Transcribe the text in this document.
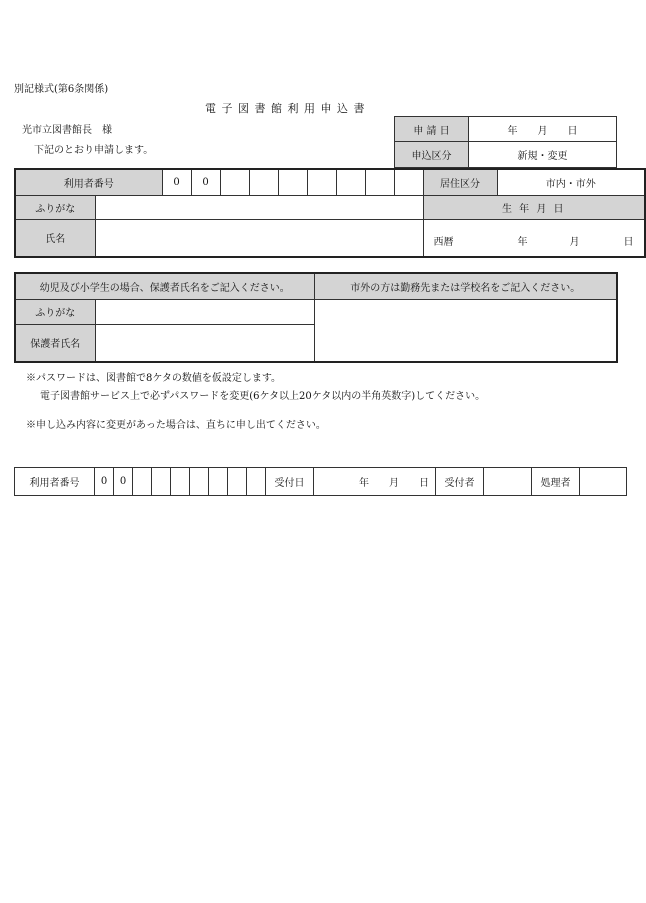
別記様式(第6条関係)
電 子 図 書 館 利 用 申 込 書
光市立図書館長　様
下記のとおり申請します。
申 請 日	年　　月　　日
申込区分	新規・変更
利用者番号		0	0								居住区分	市内・市外
ふりがな											生 年 月 日	
氏名											西暦 年 月 日	
幼児及び小学生の場合、保護者氏名をご記入ください。		市外の方は勤務先または学校名をご記入ください。
ふりがな		
保護者氏名		
※パスワードは、図書館で8ケタの数値を仮設定します。
電子図書館サービス上で必ずパスワードを変更(6ケタ以上20ケタ以内の半角英数字)してください。
※申し込み内容に変更があった場合は、直ちに申し出てください。
利用者番号	0	0								受付日	年　　月　　日	受付者		処理者	
